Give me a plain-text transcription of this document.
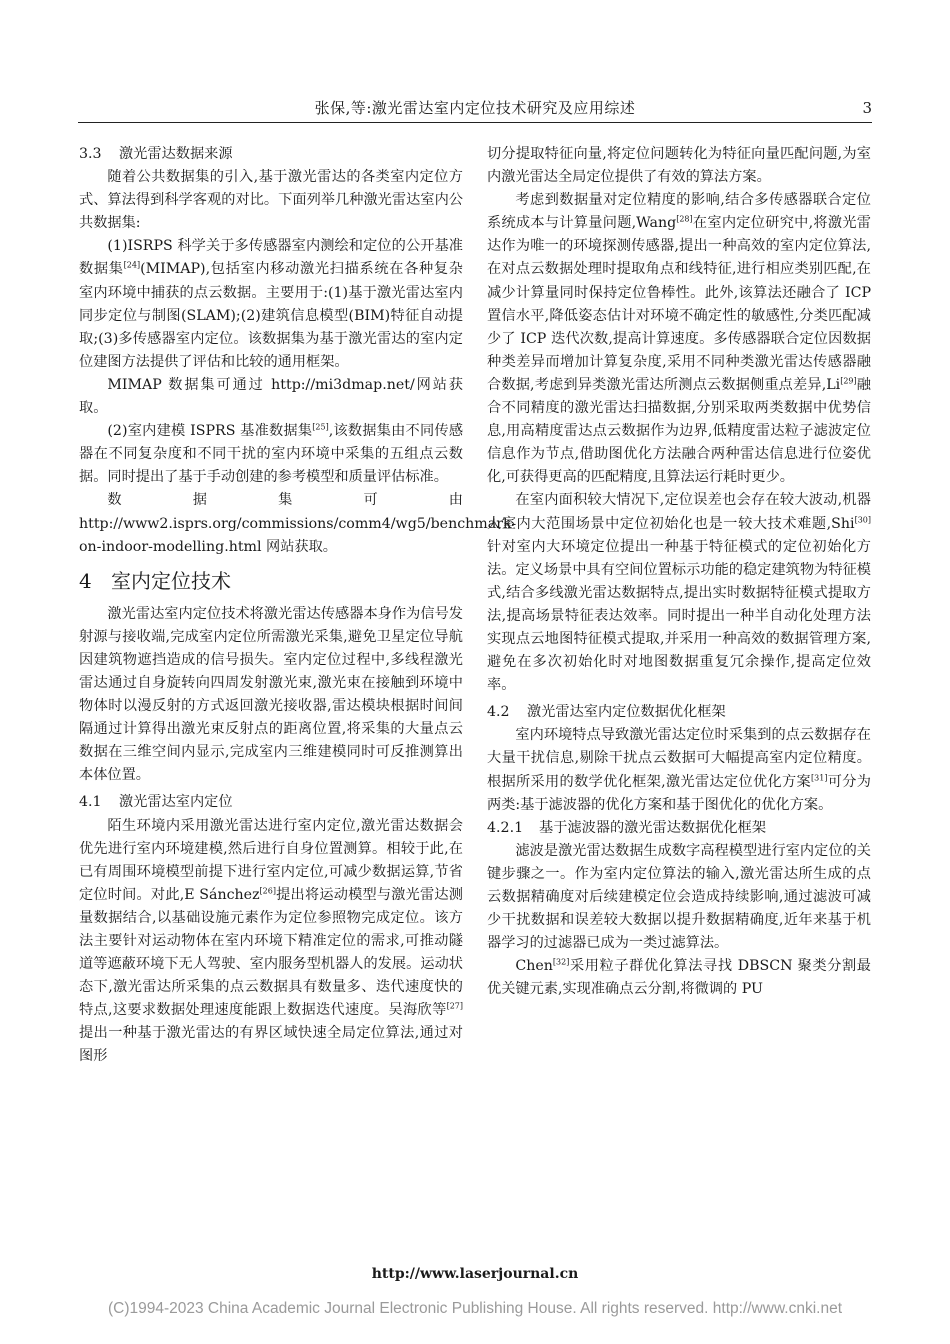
张保,等:激光雷达室内定位技术研究及应用综述	3
3.3 激光雷达数据来源

随着公共数据集的引入,基于激光雷达的各类室内定位方式、算法得到科学客观的对比。下面列举几种激光雷达室内公共数据集:

(1)ISRPS 科学关于多传感器室内测绘和定位的公开基准数据集[24](MIMAP),包括室内移动激光扫描系统在各种复杂室内环境中捕获的点云数据。主要用于:(1)基于激光雷达室内同步定位与制图(SLAM);(2)建筑信息模型(BIM)特征自动提取;(3)多传感器室内定位。该数据集为基于激光雷达的室内定位建图方法提供了评估和比较的通用框架。

MIMAP 数据集可通过 http://mi3dmap.net/网站获取。

(2)室内建模 ISPRS 基准数据集[25],该数据集由不同传感器在不同复杂度和不同干扰的室内环境中采集的五组点云数据。同时提出了基于手动创建的参考模型和质量评估标准。

数据集可由 http://www2.isprs.org/commissions/comm4/wg5/benchmark-on-indoor-modelling.html 网站获取。

4 室内定位技术

激光雷达室内定位技术将激光雷达传感器本身作为信号发射源与接收端,完成室内定位所需激光采集,避免卫星定位导航因建筑物遮挡造成的信号损失。室内定位过程中,多线程激光雷达通过自身旋转向四周发射激光束,激光束在接触到环境中物体时以漫反射的方式返回激光接收器,雷达模块根据时间间隔通过计算得出激光束反射点的距离位置,将采集的大量点云数据在三维空间内显示,完成室内三维建模同时可反推测算出本体位置。

4.1 激光雷达室内定位

陌生环境内采用激光雷达进行室内定位,激光雷达数据会优先进行室内环境建模,然后进行自身位置测算。相较于此,在已有周围环境模型前提下进行室内定位,可减少数据运算,节省定位时间。对此,E Sánchez[26]提出将运动模型与激光雷达测量数据结合,以基础设施元素作为定位参照物完成定位。该方法主要针对运动物体在室内环境下精准定位的需求,可推动隧道等遮蔽环境下无人驾驶、室内服务型机器人的发展。运动状态下,激光雷达所采集的点云数据具有数量多、迭代速度快的特点,这要求数据处理速度能跟上数据迭代速度。吴海欣等[27]提出一种基于激光雷达的有界区域快速全局定位算法,通过对图形

切分提取特征向量,将定位问题转化为特征向量匹配问题,为室内激光雷达全局定位提供了有效的算法方案。

考虑到数据量对定位精度的影响,结合多传感器联合定位系统成本与计算量问题,Wang[28]在室内定位研究中,将激光雷达作为唯一的环境探测传感器,提出一种高效的室内定位算法,在对点云数据处理时提取角点和线特征,进行相应类别匹配,在减少计算量同时保持定位鲁棒性。此外,该算法还融合了 ICP 置信水平,降低姿态估计对环境不确定性的敏感性,分类匹配减少了 ICP 迭代次数,提高计算速度。多传感器联合定位因数据种类差异而增加计算复杂度,采用不同种类激光雷达传感器融合数据,考虑到异类激光雷达所测点云数据侧重点差异,Li[29]融合不同精度的激光雷达扫描数据,分别采取两类数据中优势信息,用高精度雷达点云数据作为边界,低精度雷达粒子滤波定位信息作为节点,借助图优化方法融合两种雷达信息进行位姿优化,可获得更高的匹配精度,且算法运行耗时更少。

在室内面积较大情况下,定位误差也会存在较大波动,机器人室内大范围场景中定位初始化也是一较大技术难题,Shi[30]针对室内大环境定位提出一种基于特征模式的定位初始化方法。定义场景中具有空间位置标示功能的稳定建筑物为特征模式,结合多线激光雷达数据特点,提出实时数据特征模式提取方法,提高场景特征表达效率。同时提出一种半自动化处理方法实现点云地图特征模式提取,并采用一种高效的数据管理方案,避免在多次初始化时对地图数据重复冗余操作,提高定位效率。

4.2 激光雷达室内定位数据优化框架

室内环境特点导致激光雷达定位时采集到的点云数据存在大量干扰信息,剔除干扰点云数据可大幅提高室内定位精度。根据所采用的数学优化框架,激光雷达定位优化方案[31]可分为两类:基于滤波器的优化方案和基于图优化的优化方案。

4.2.1 基于滤波器的激光雷达数据优化框架

滤波是激光雷达数据生成数字高程模型进行室内定位的关键步骤之一。作为室内定位算法的输入,激光雷达所生成的点云数据精确度对后续建模定位会造成持续影响,通过滤波可减少干扰数据和误差较大数据以提升数据精确度,近年来基于机器学习的过滤器已成为一类过滤算法。

Chen[32]采用粒子群优化算法寻找 DBSCN 聚类分割最优关键元素,实现准确点云分割,将微调的 PU

http://www.laserjournal.cn
(C)1994-2023 China Academic Journal Electronic Publishing House. All rights reserved. http://www.cnki.net
